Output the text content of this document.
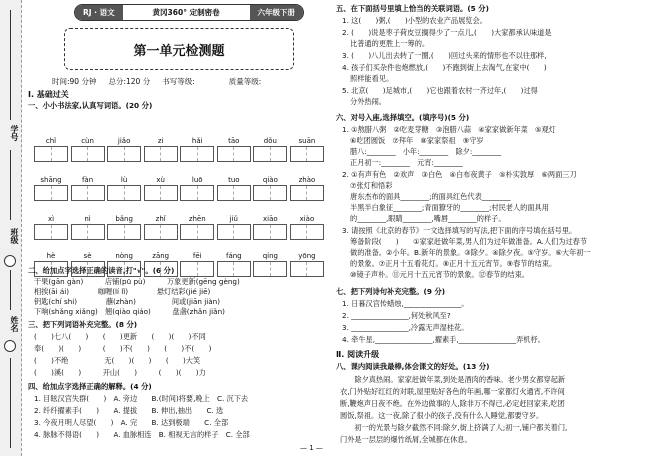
学号
班级
姓名
RJ · 语文	黄冈360° 定制密卷	六年级下册
第一单元检测题
时间:90 分钟 总分:120 分 书写等级:	质量等级:
Ⅰ. 基础过关
一、小小书法家,认真写词语。(20 分)
chǐ	cùn	jiǎo	zi	hǎi	tāo	dǒu	suān
shāng	fàn	lù	xù	luō	tuo	qiào	zhào
xì	nì	bǎng	zhǐ	zhēn	jiǔ	xiāo	xiào
hè	sè	nòng	zāng	fēi	fáng	qíng	yōng
二、给加点字选择正确的读音,打"√"。(6 分)
干果(gān gàn)　　　店铺(pū pù)　　　万象更新(gēng gèng)
相挨(āi ái)　　　　咖喱(lí lǐ)　　　　悬灯结彩(jié jiē)
钥匙(chí shi)　　　　蘸(zhàn)　　　　　间或(jiān jiàn)
下晌(shǎng xiǎng)　翘(qiào qiáo)　　　盘盏(zhǎn jiǎn)
三、把下列词语补充完整。(8 分)
(　　)七八(　　)　　(　　)更新　　(　　)(　　)不同
奉(　　)(　　)　　　(　　)不(　　)　　(　　)不(　　)
(　　)不绝　　　　　无(　　)(　　)　　(　　)大笑
(　　)溪(　　)　　　开山(　　)　　　(　　)(　　)力
四、给加点字选择正确的解释。(4 分)
1. 目眩汉宫失群(　　)　A. 旁边　　B.(时间)将要,晚上　C. 沉下去
2. 纤纤擢素手(　　)　　A. 提拔　　B. 伸出,抽出　　C. 选
3. 今夜月明人尽望(　　)　A. 完　　B. 达到极端　　C. 全部
4. 脉脉不得语(　　)　　A. 血脉相连　B. 相视无言的样子　C. 全部
五、在下面括号里填上恰当的关联词语。(5 分)
1. 这(　　)粥,(　　)小型的农业产品展览会。
2. (　　)说是枣子荷皮豆搁得少了一点儿,(　　)大家都承认味道是
比普通的更胜上一筹的。
3. (　　)八儿出去转了一圈,(　　)回过头来的情形也不以往那样,
4. 孩子们买杂件也炮燃放,(　　)不跑到街上去淘气,在家中(　　)
照样能看见。
5. 北京(　　)足城市,(　　)它也跟着农村一齐过年,(　　)过得
分外热闹。
六、对号入座,选择填空。(填序号)(5 分)
1. ①熬腊八粥　②吃麦芽糖　③泡腊八蒜　④家家做新年菜　⑤观灯
⑥吃团圆饭　⑦拜年　⑧家家祭祖　⑨守岁
腊八:________　小年:________　除夕:________
正月初一:________　元宵:________
2. ①有声有色　②欢声　③白色　④白布夜黄子　⑤朴实敦厚　⑥两面三刀
⑦张灯和悟彩
唐东杰布的面具________;的面具红色代表________
半黑半白象征________;青面獠牙的________;村民老人的面具用
的________,眼睛________,嘴唇________的样子。
3. 请按照《北京的春节》一文选择填写的写法,把下面的序号填在括号里。
筹备阶段(　　)　　①家家赶做年菜,男人们为过年做准备。A.人们为过春节
做的准备。②小年。B.新年的景象。③除夕。④除夕夜。⑤守岁。⑥大年初一
的景象。⑦正月十五看花灯。⑧正月十五元宵节。⑨春节的结束。
⑩镜子声朴。⑪元月十五元宵节的景象。⑫春节的结束。
七、把下列诗句补充完整。(9 分)
1. 日暮汉宫传蜡烛,________________。
2. ________________,何处秋风至?
3. ________________,冷露无声湿桂花。
4. 牵牛星,________________,擢素手,________________弄机杼。
Ⅱ. 阅读升级
八、课内阅读我最棒,体会课文的好处。(13 分)
　　除夕真热闹。家家赶做年菜,到处是酒肉的香味。老少男女都穿起新
衣,门外贴好红红的对联,屋里贴好各色的年画,哪一家都灯火通宵,不许间
断,鞭炮声日夜不绝。在外边做事的人,除非万不得已,必定赶回家来,吃团
圆饭,祭祖。这一夜,除了很小的孩子,没有什么人睡觉,都要守岁。
　　初一的光景与除夕截然不同:除夕,街上挤满了人;初一,铺户都关着门,
门外是一层层的爆竹纸屑,全城都在休息。
— 1 —
